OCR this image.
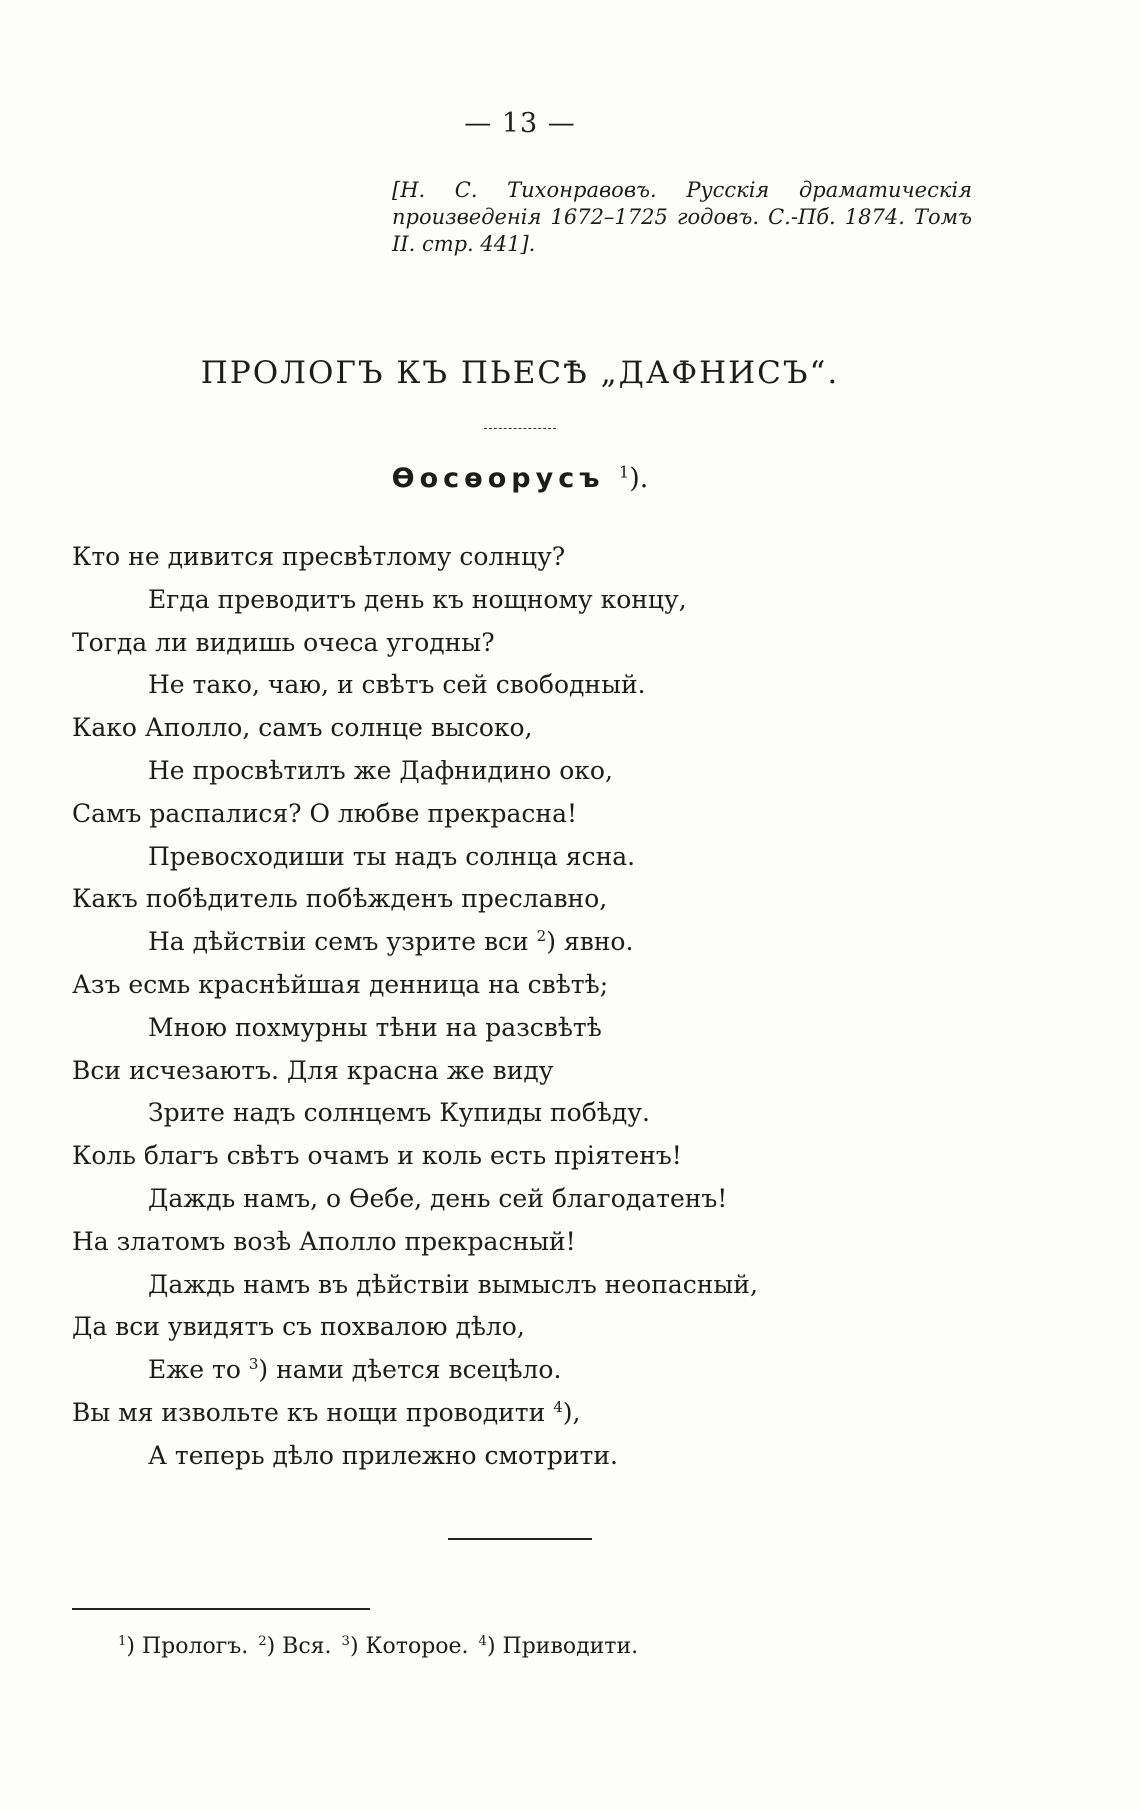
— 13 —
[Н. С. Тихонравовъ. Русскія драматическія произведенія 1672–1725 годовъ. С.-Пб. 1874. Томъ II. стр. 441].
ПРОЛОГЪ КЪ ПЬЕСѢ „ДАФНИСЪ“.
Ѳосѳорусъ $^1$).
Кто не дивится пресвѣтлому солнцу?
Егда преводитъ день къ нощному концу,
Тогда ли видишь очеса угодны?
Не тако, чаю, и свѣтъ сей свободный.
Како Аполло, самъ солнце высоко,
Не просвѣтилъ же Дафнидино око,
Самъ распалися? О любве прекрасна!
Превосходиши ты надъ солнца ясна.
Какъ побѣдитель побѣжденъ преславно,
На дѣйствіи семъ узрите вси $^2$) явно.
Азъ есмь краснѣйшая денница на свѣтѣ;
Мною похмурны тѣни на разсвѣтѣ
Вси исчезаютъ. Для красна же виду
Зрите надъ солнцемъ Купиды побѣду.
Коль благъ свѣтъ очамъ и коль есть пріятенъ!
Даждь намъ, о Ѳебе, день сей благодатенъ!
На златомъ возѣ Аполло прекрасный!
Даждь намъ въ дѣйствіи вымыслъ неопасный,
Да вси увидятъ съ похвалою дѣло,
Еже то $^3$) нами дѣется всецѣло.
Вы мя извольте къ нощи проводити $^4$),
А теперь дѣло прилежно смотрити.
$^1$) Прологъ. $^2$) Вся. $^3$) Которое. $^4$) Приводити.
